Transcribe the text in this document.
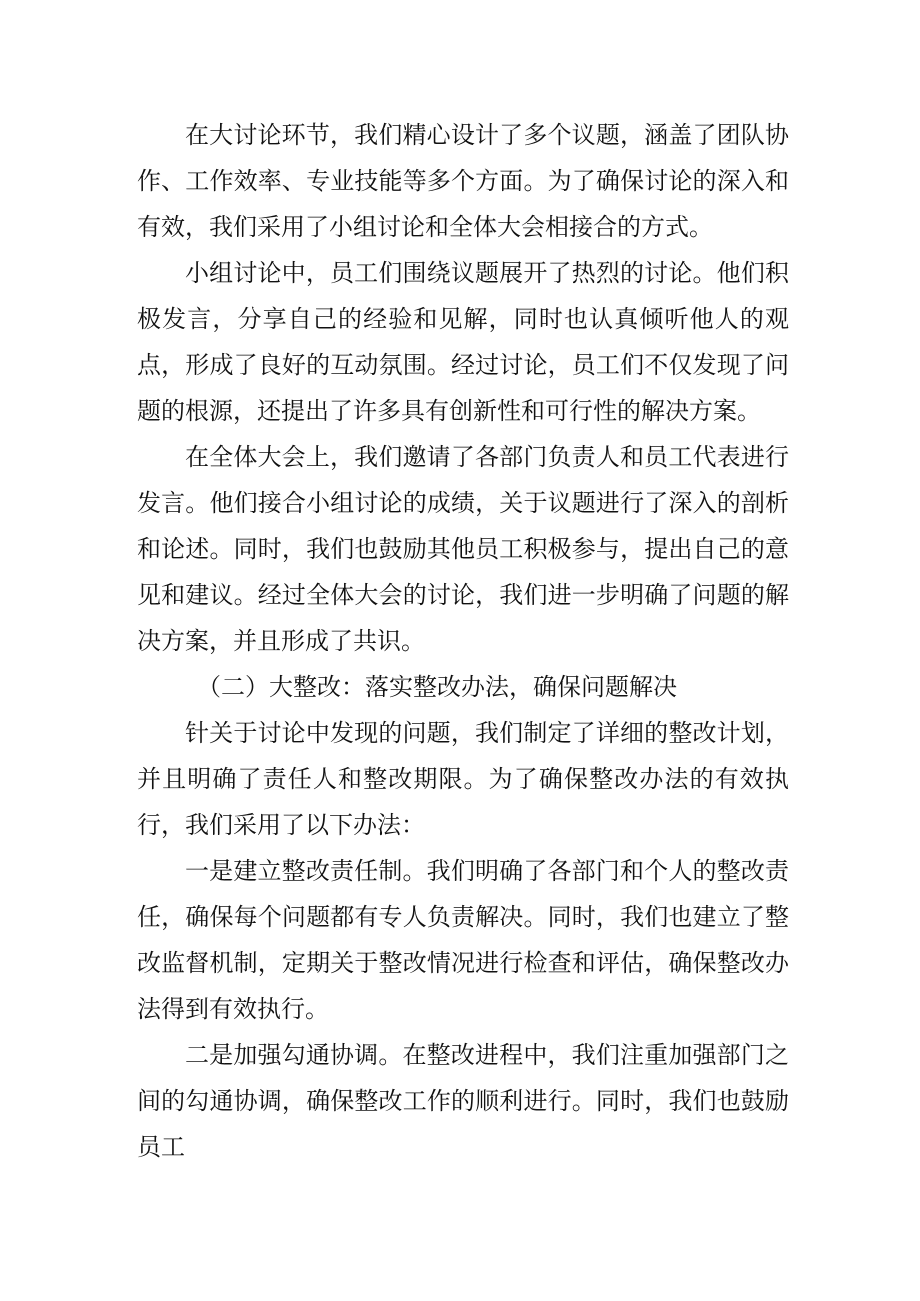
在大讨论环节，我们精心设计了多个议题，涵盖了团队协作、工作效率、专业技能等多个方面。为了确保讨论的深入和有效，我们采用了小组讨论和全体大会相接合的方式。

小组讨论中，员工们围绕议题展开了热烈的讨论。他们积极发言，分享自己的经验和见解，同时也认真倾听他人的观点，形成了良好的互动氛围。经过讨论，员工们不仅发现了问题的根源，还提出了许多具有创新性和可行性的解决方案。

在全体大会上，我们邀请了各部门负责人和员工代表进行发言。他们接合小组讨论的成绩，关于议题进行了深入的剖析和论述。同时，我们也鼓励其他员工积极参与，提出自己的意见和建议。经过全体大会的讨论，我们进一步明确了问题的解决方案，并且形成了共识。

（二）大整改：落实整改办法，确保问题解决

针关于讨论中发现的问题，我们制定了详细的整改计划，并且明确了责任人和整改期限。为了确保整改办法的有效执行，我们采用了以下办法：

一是建立整改责任制。我们明确了各部门和个人的整改责任，确保每个问题都有专人负责解决。同时，我们也建立了整改监督机制，定期关于整改情况进行检查和评估，确保整改办法得到有效执行。

二是加强勾通协调。在整改进程中，我们注重加强部门之间的勾通协调，确保整改工作的顺利进行。同时，我们也鼓励员工
